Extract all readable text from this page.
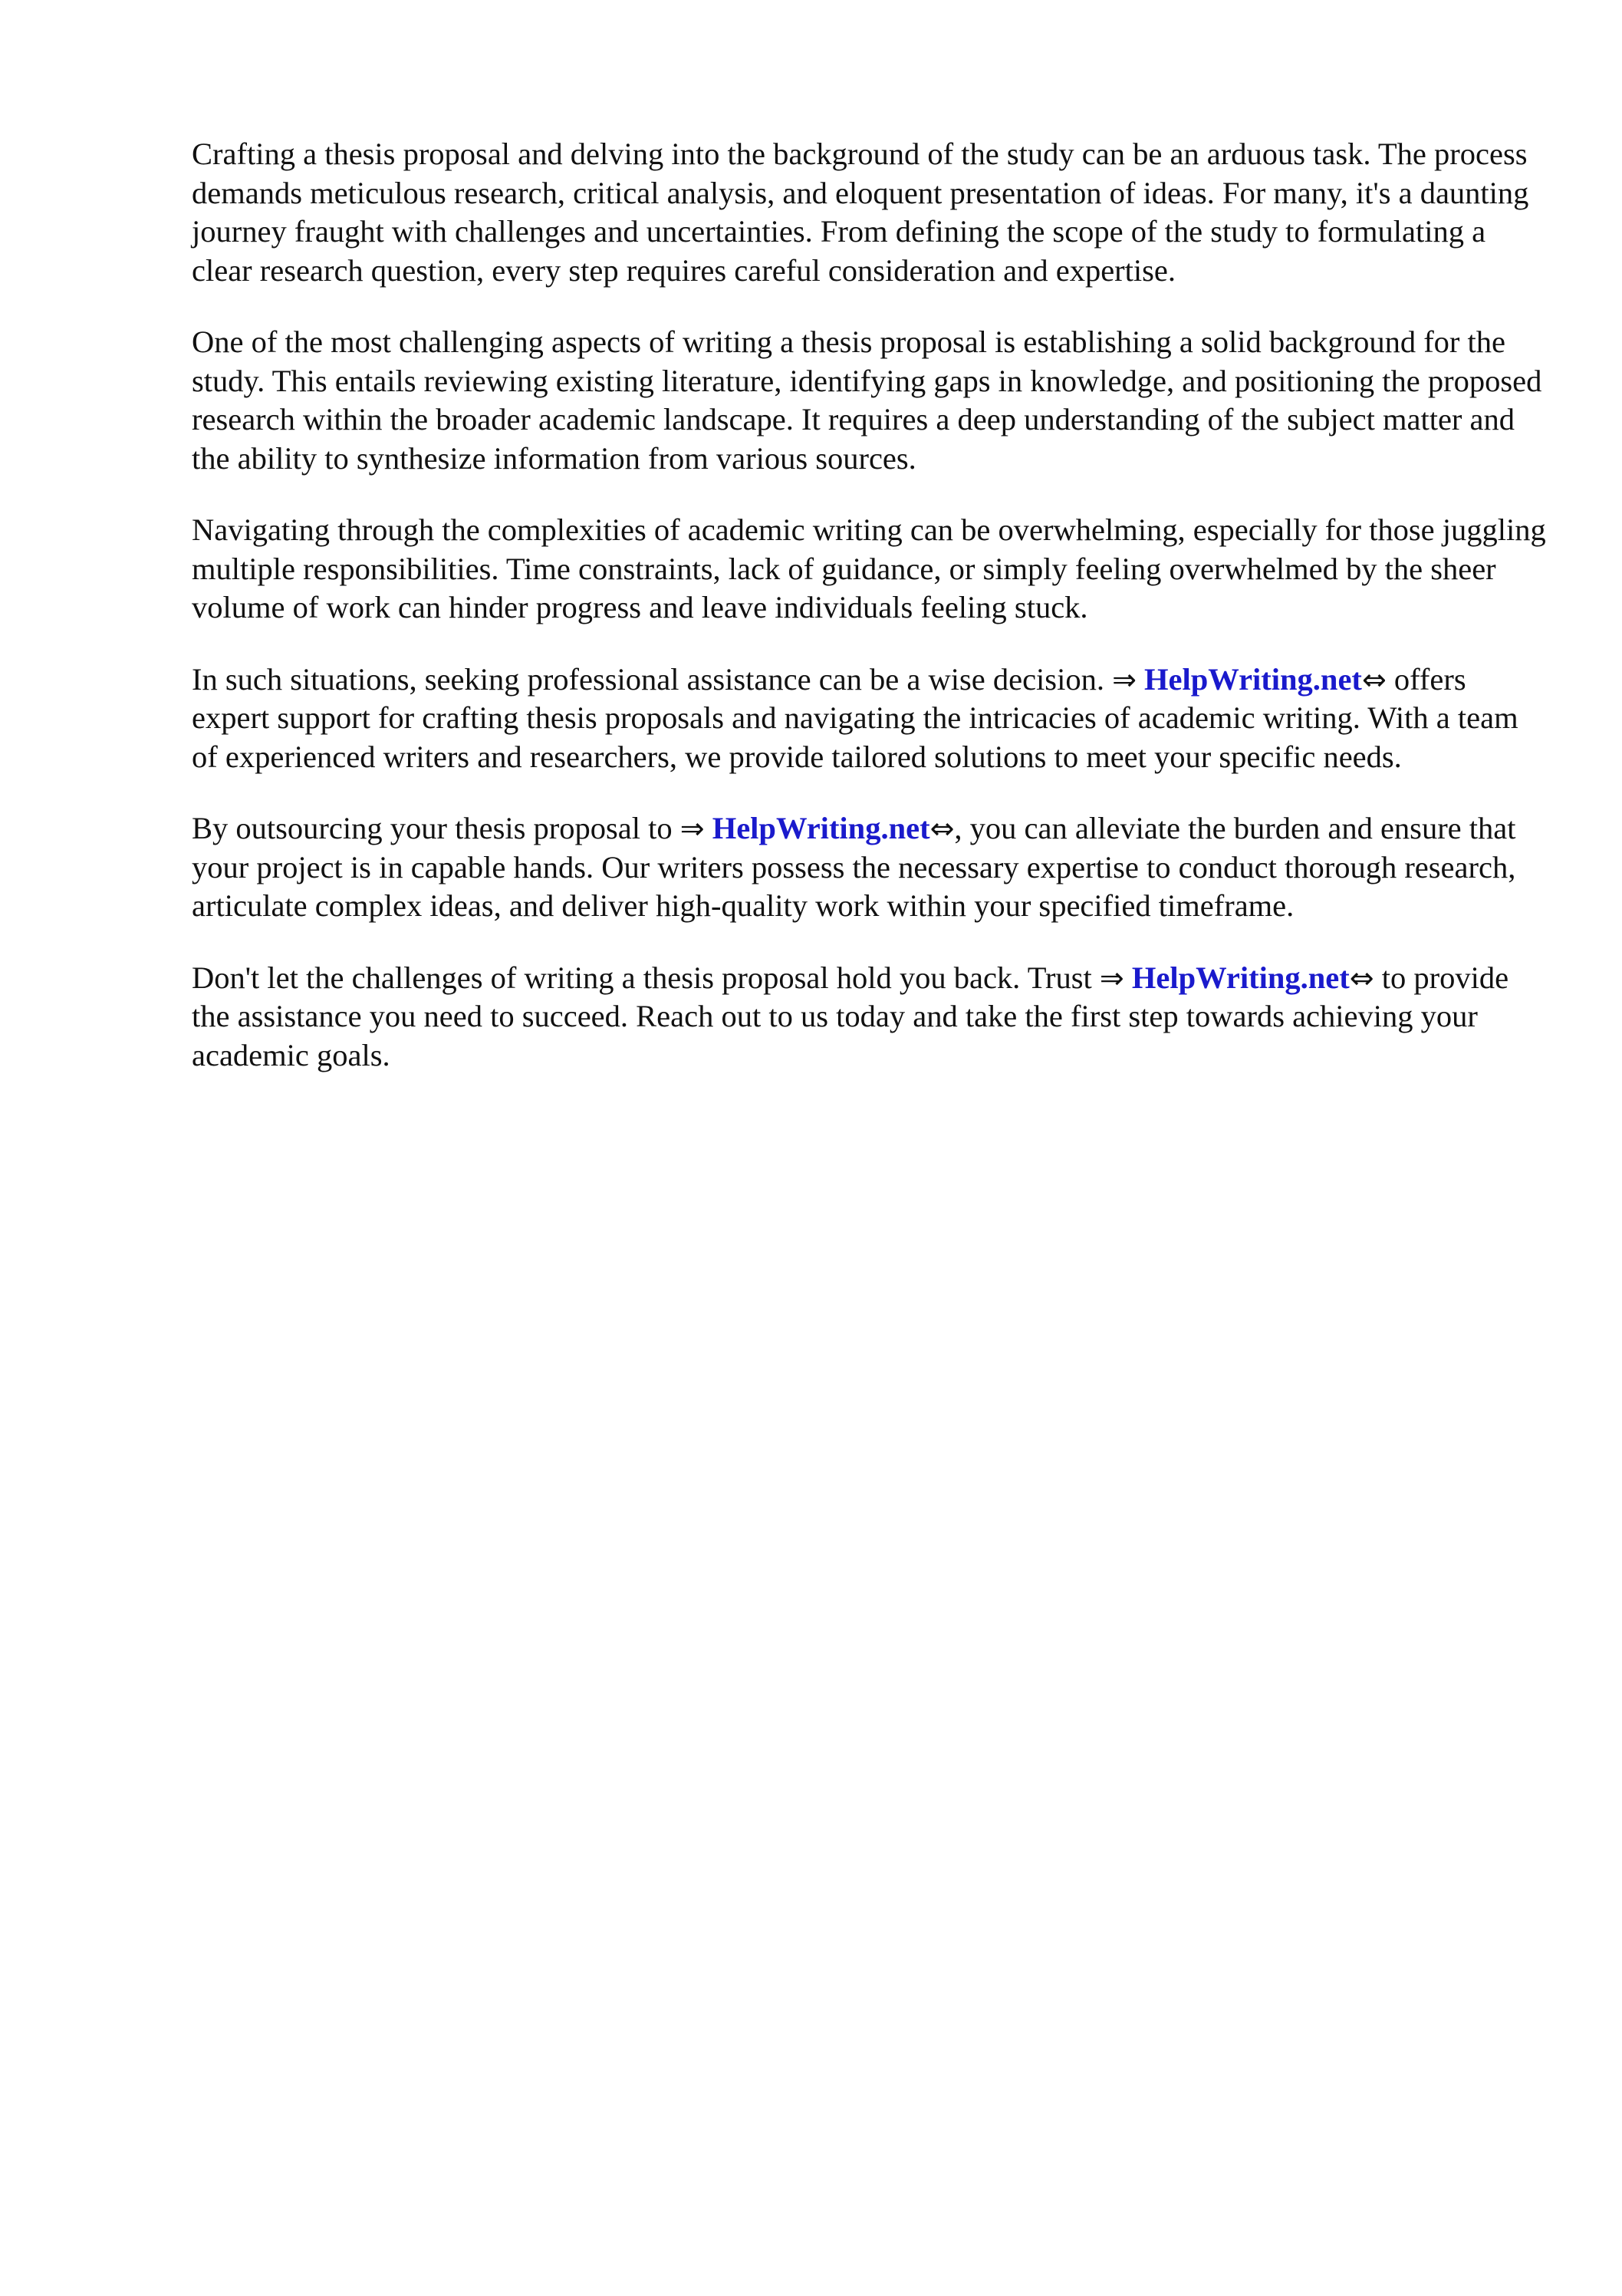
Crafting a thesis proposal and delving into the background of the study can be an arduous task. The process demands meticulous research, critical analysis, and eloquent presentation of ideas. For many, it's a daunting journey fraught with challenges and uncertainties. From defining the scope of the study to formulating a clear research question, every step requires careful consideration and expertise.

One of the most challenging aspects of writing a thesis proposal is establishing a solid background for the study. This entails reviewing existing literature, identifying gaps in knowledge, and positioning the proposed research within the broader academic landscape. It requires a deep understanding of the subject matter and the ability to synthesize information from various sources.

Navigating through the complexities of academic writing can be overwhelming, especially for those juggling multiple responsibilities. Time constraints, lack of guidance, or simply feeling overwhelmed by the sheer volume of work can hinder progress and leave individuals feeling stuck.

In such situations, seeking professional assistance can be a wise decision. ⇒ HelpWriting.net⇔ offers expert support for crafting thesis proposals and navigating the intricacies of academic writing. With a team of experienced writers and researchers, we provide tailored solutions to meet your specific needs.

By outsourcing your thesis proposal to ⇒ HelpWriting.net⇔, you can alleviate the burden and ensure that your project is in capable hands. Our writers possess the necessary expertise to conduct thorough research, articulate complex ideas, and deliver high-quality work within your specified timeframe.

Don't let the challenges of writing a thesis proposal hold you back. Trust ⇒ HelpWriting.net⇔ to provide the assistance you need to succeed. Reach out to us today and take the first step towards achieving your academic goals.
